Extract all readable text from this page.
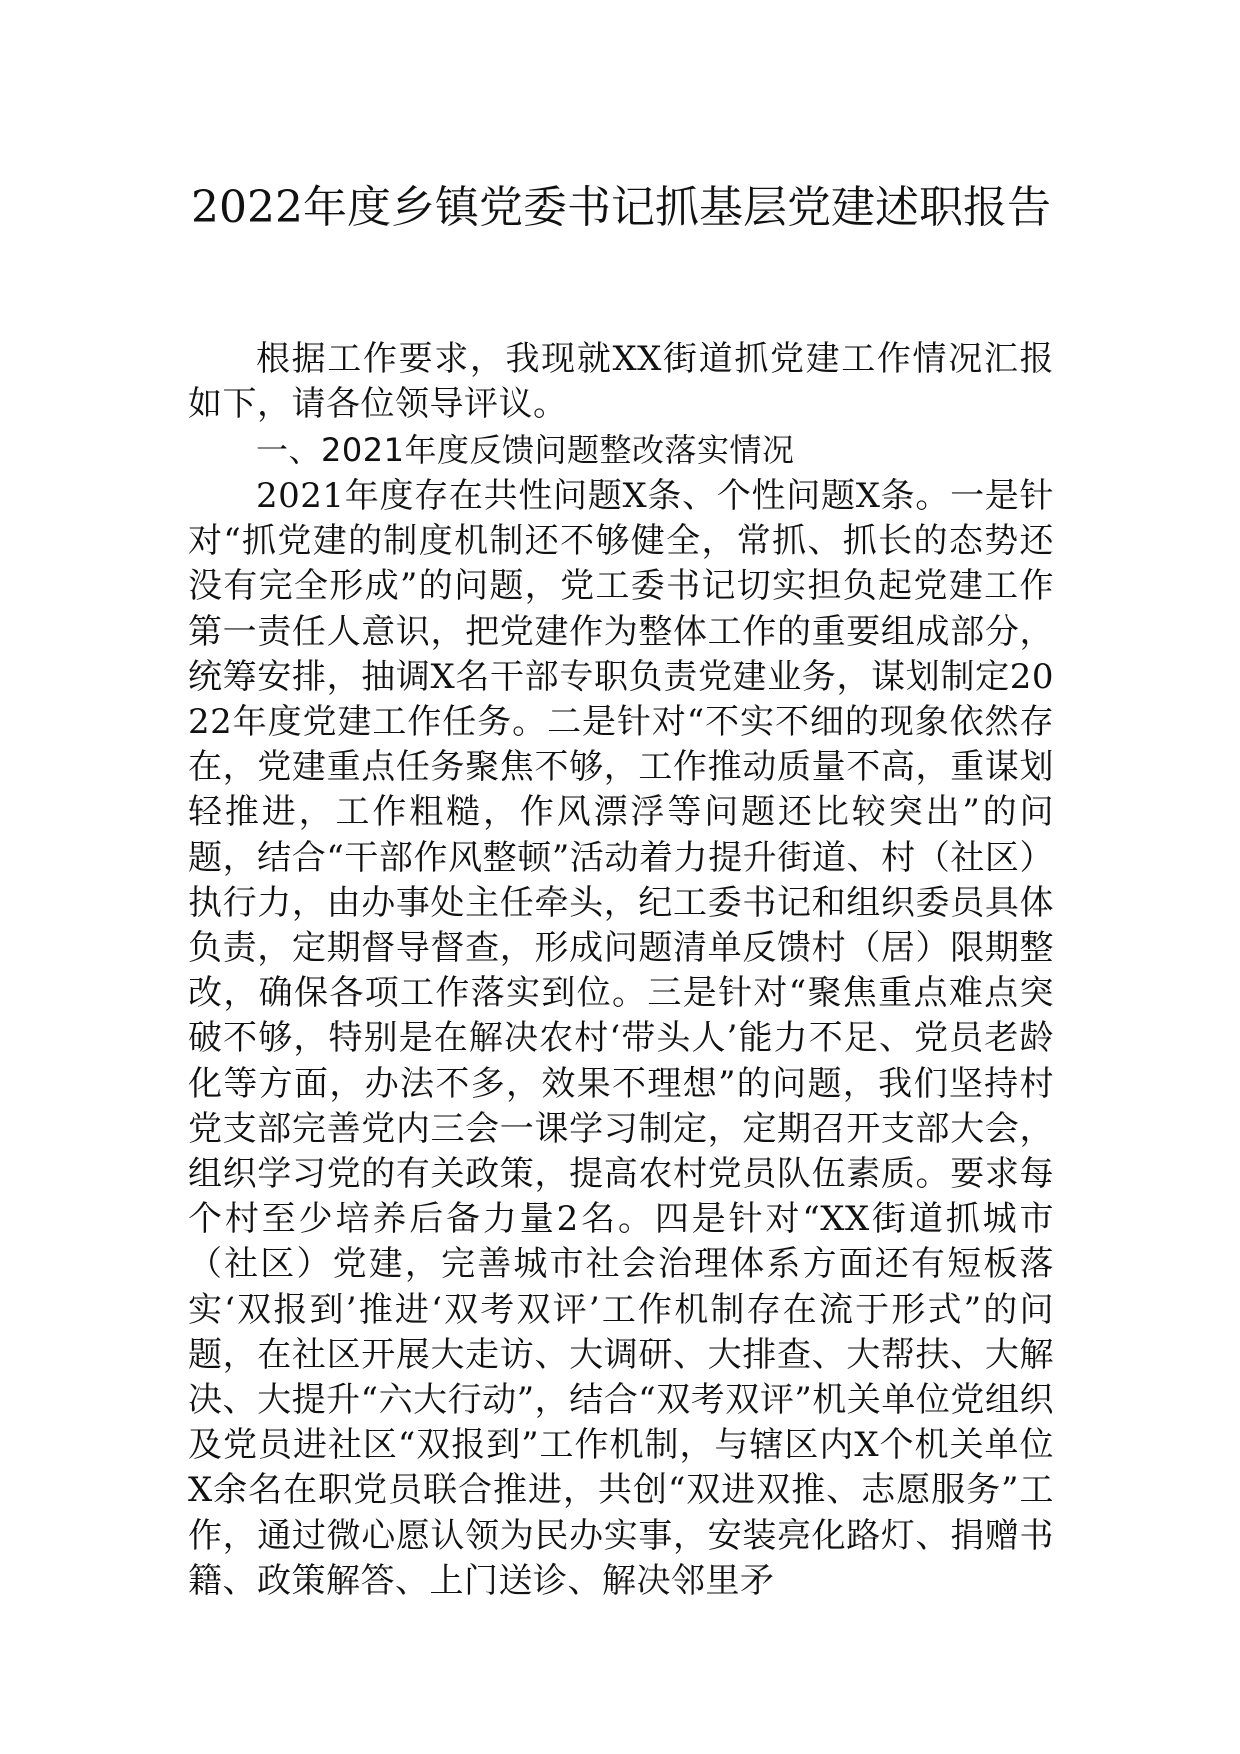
2022年度乡镇党委书记抓基层党建述职报告

根据工作要求，我现就XX街道抓党建工作情况汇报如下，请各位领导评议。

一、2021年度反馈问题整改落实情况

2021年度存在共性问题X条、个性问题X条。一是针对“抓党建的制度机制还不够健全，常抓、抓长的态势还没有完全形成”的问题，党工委书记切实担负起党建工作第一责任人意识，把党建作为整体工作的重要组成部分，统筹安排，抽调X名干部专职负责党建业务，谋划制定2022年度党建工作任务。二是针对“不实不细的现象依然存在，党建重点任务聚焦不够，工作推动质量不高，重谋划轻推进，工作粗糙，作风漂浮等问题还比较突出”的问题，结合“干部作风整顿”活动着力提升街道、村（社区）执行力，由办事处主任牵头，纪工委书记和组织委员具体负责，定期督导督查，形成问题清单反馈村（居）限期整改，确保各项工作落实到位。三是针对“聚焦重点难点突破不够，特别是在解决农村‘带头人’能力不足、党员老龄化等方面，办法不多，效果不理想”的问题，我们坚持村党支部完善党内三会一课学习制定，定期召开支部大会，组织学习党的有关政策，提高农村党员队伍素质。要求每个村至少培养后备力量2名。四是针对“XX街道抓城市（社区）党建，完善城市社会治理体系方面还有短板落实‘双报到’推进‘双考双评’工作机制存在流于形式”的问题，在社区开展大走访、大调研、大排查、大帮扶、大解决、大提升“六大行动”，结合“双考双评”机关单位党组织及党员进社区“双报到”工作机制，与辖区内X个机关单位X余名在职党员联合推进，共创“双进双推、志愿服务”工作，通过微心愿认领为民办实事，安装亮化路灯、捐赠书籍、政策解答、上门送诊、解决邻里矛
